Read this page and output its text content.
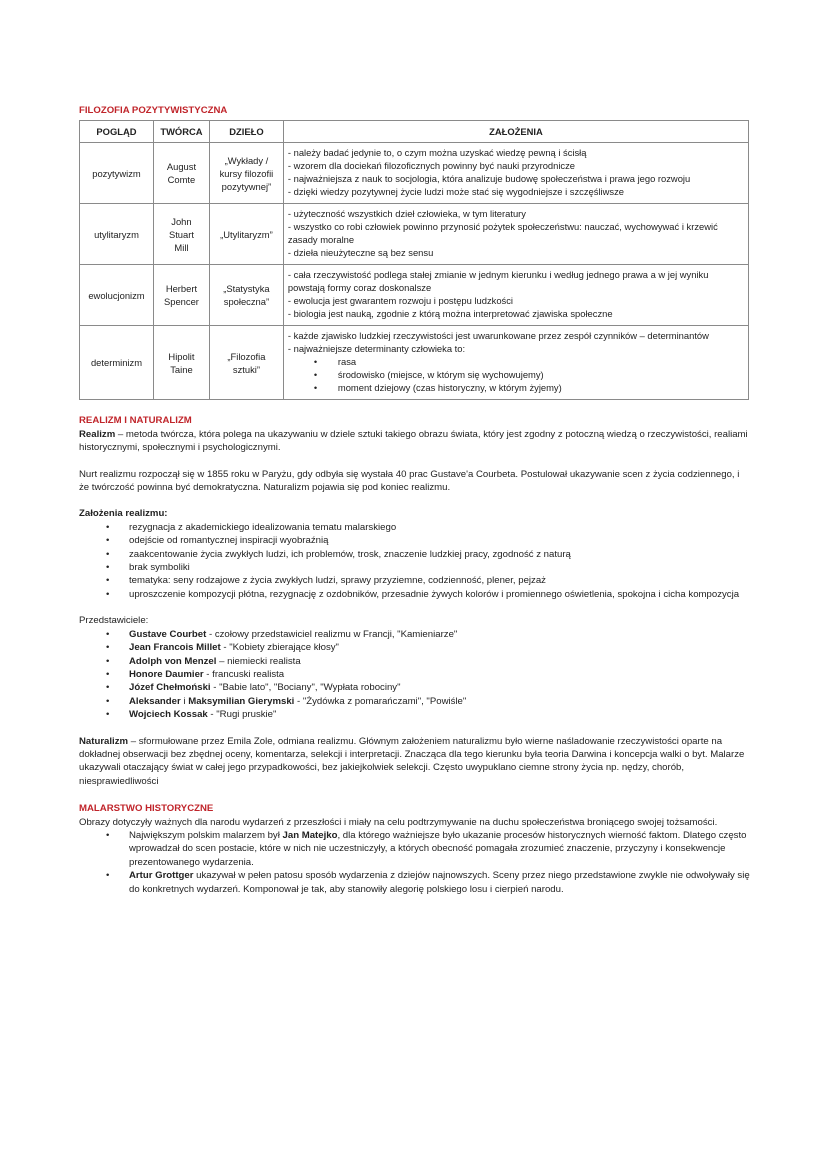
FILOZOFIA POZYTYWISTYCZNA
POGLĄD	TWÓRCA	DZIEŁO	ZAŁOŻENIA
pozytywizm	August Comte	„Wykłady / kursy filozofii pozytywnej”	- należy badać jedynie to, o czym można uzyskać wiedzę pewną i ścisłą
- wzorem dla dociekań filozoficznych powinny być nauki przyrodnicze
- najważniejsza z nauk to socjologia, która analizuje budowę społeczeństwa i prawa jego rozwoju
- dzięki wiedzy pozytywnej życie ludzi może stać się wygodniejsze i szczęśliwsze

utylitaryzm	John Stuart Mill	„Utylitaryzm”	- użyteczność wszystkich dzieł człowieka, w tym literatury
- wszystko co robi człowiek powinno przynosić pożytek społeczeństwu: nauczać, wychowywać i krzewić zasady moralne
- dzieła nieużyteczne są bez sensu

ewolucjonizm	Herbert Spencer	„Statystyka społeczna”	- cała rzeczywistość podlega stałej zmianie w jednym kierunku i według jednego prawa a w jej wyniku powstają formy coraz doskonalsze
- ewolucja jest gwarantem rozwoju i postępu ludzkości
- biologia jest nauką, zgodnie z którą można interpretować zjawiska społeczne

determinizm	Hipolit Taine	„Filozofia sztuki”	- każde zjawisko ludzkiej rzeczywistości jest uwarunkowane przez zespół czynników – determinantów
- najważniejsze determinanty człowieka to:
• rasa
• środowisko (miejsce, w którym się wychowujemy)
• moment dziejowy (czas historyczny, w którym żyjemy)
REALIZM I NATURALIZM

Realizm – metoda twórcza, która polega na ukazywaniu w dziele sztuki takiego obrazu świata, który jest zgodny z potoczną wiedzą o rzeczywistości, realiami historycznymi, społecznymi i psychologicznymi.

Nurt realizmu rozpoczął się w 1855 roku w Paryżu, gdy odbyła się wystała 40 prac Gustave'a Courbeta. Postulował ukazywanie scen z życia codziennego, i że twórczość powinna być demokratyczna. Naturalizm pojawia się pod koniec realizmu.

Założenia realizmu:

• rezygnacja z akademickiego idealizowania tematu malarskiego
• odejście od romantycznej inspiracji wyobraźnią
• zaakcentowanie życia zwykłych ludzi, ich problemów, trosk, znaczenie ludzkiej pracy, zgodność z naturą
• brak symboliki
• tematyka: seny rodzajowe z życia zwykłych ludzi, sprawy przyziemne, codzienność, plener, pejzaż
• uproszczenie kompozycji płótna, rezygnację z ozdobników, przesadnie żywych kolorów i promiennego oświetlenia, spokojna i cicha kompozycja

Przedstawiciele:

• Gustave Courbet - czołowy przedstawiciel realizmu w Francji, "Kamieniarze"
• Jean Francois Millet - "Kobiety zbierające kłosy"
• Adolph von Menzel – niemiecki realista
• Honore Daumier - francuski realista
• Józef Chełmoński - "Babie lato", "Bociany", "Wypłata robociny"
• Aleksander i Maksymilian Gierymski - "Żydówka z pomarańczami", "Powiśle"
• Wojciech Kossak - "Rugi pruskie"

Naturalizm – sformułowane przez Emila Zole, odmiana realizmu. Głównym założeniem naturalizmu było wierne naśladowanie rzeczywistości oparte na dokładnej obserwacji bez zbędnej oceny, komentarza, selekcji i interpretacji. Znacząca dla tego kierunku była teoria Darwina i koncepcja walki o byt. Malarze ukazywali otaczający świat w całej jego przypadkowości, bez jakiejkolwiek selekcji. Często uwypuklano ciemne strony życia np. nędzy, chorób, niesprawiedliwości

MALARSTWO HISTORYCZNE

Obrazy dotyczyły ważnych dla narodu wydarzeń z przeszłości i miały na celu podtrzymywanie na duchu społeczeństwa broniącego swojej tożsamości.

• Największym polskim malarzem był Jan Matejko, dla którego ważniejsze było ukazanie procesów historycznych wierność faktom. Dlatego często wprowadzał do scen postacie, które w nich nie uczestniczyły, a których obecność pomagała zrozumieć znaczenie, przyczyny i konsekwencje prezentowanego wydarzenia.
• Artur Grottger ukazywał w pełen patosu sposób wydarzenia z dziejów najnowszych. Sceny przez niego przedstawione zwykle nie odwoływały się do konkretnych wydarzeń. Komponował je tak, aby stanowiły alegorię polskiego losu i cierpień narodu.
